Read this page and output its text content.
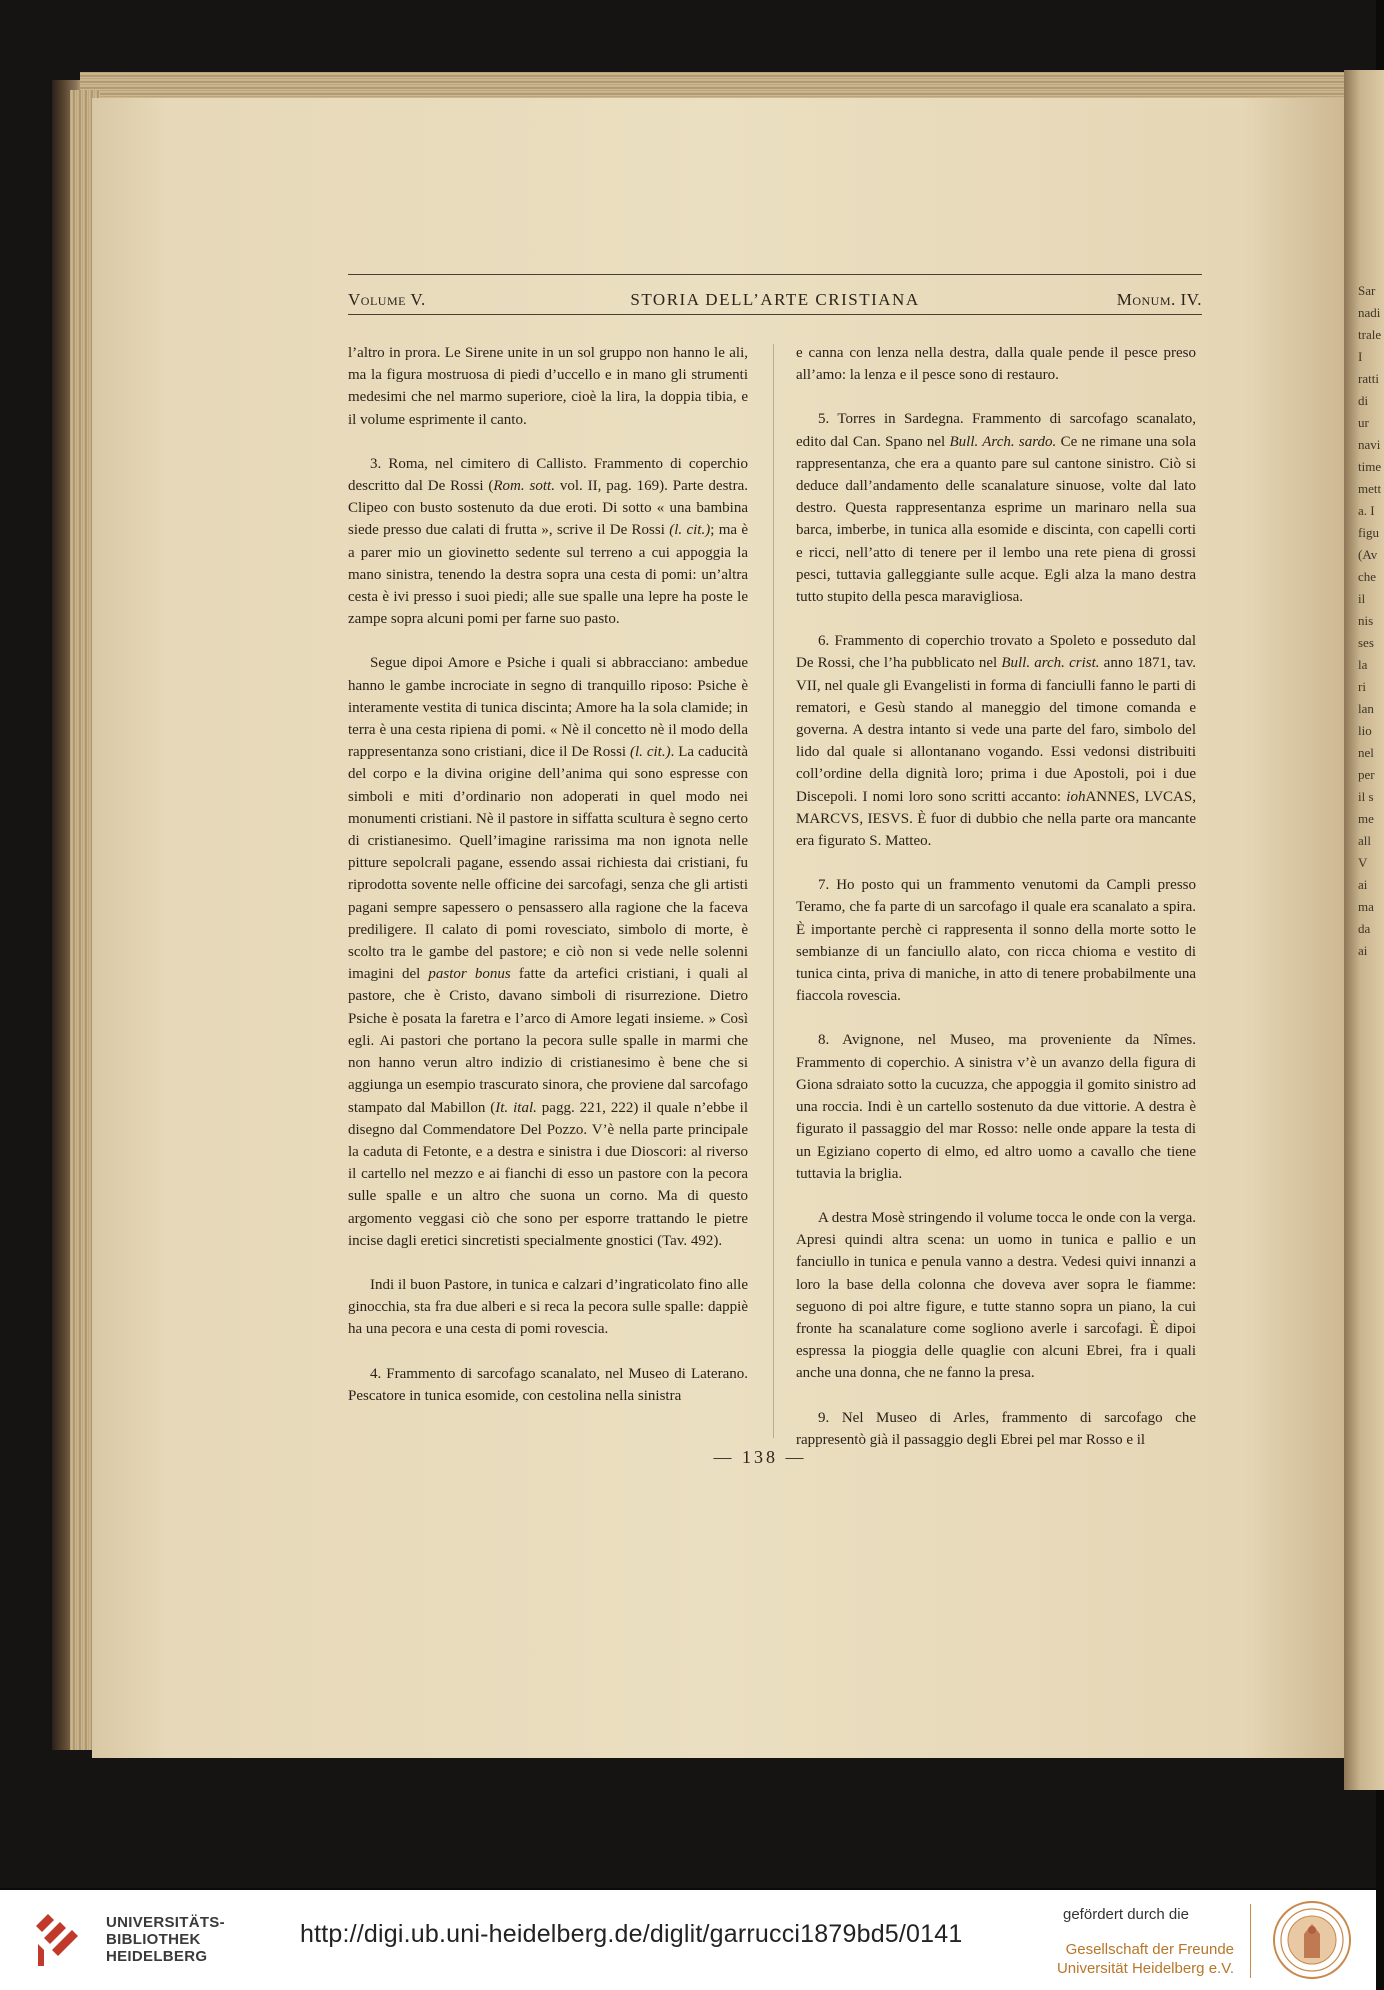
Sar
nadi
trale
I
ratti
di ur
navi
time
mett
a. I
figu
(Av
che
il
nis
ses
la
ri
lan
lio
nel
per
il s
me
all
V
ai
ma
da
ai
Volume V.	STORIA DELL’ARTE CRISTIANA	Monum. IV.

l’altro in prora. Le Sirene unite in un sol gruppo non hanno le ali, ma la figura mostruosa di piedi d’uccello e in mano gli strumenti medesimi che nel marmo superiore, cioè la lira, la doppia tibia, e il volume esprimente il canto.

3. Roma, nel cimitero di Callisto. Frammento di coperchio descritto dal De Rossi (Rom. sott. vol. II, pag. 169). Parte destra. Clipeo con busto sostenuto da due eroti. Di sotto « una bambina siede presso due calati di frutta », scrive il De Rossi (l. cit.); ma è a parer mio un giovinetto sedente sul terreno a cui appoggia la mano sinistra, tenendo la destra sopra una cesta di pomi: un’altra cesta è ivi presso i suoi piedi; alle sue spalle una lepre ha poste le zampe sopra alcuni pomi per farne suo pasto.

Segue dipoi Amore e Psiche i quali si abbracciano: ambedue hanno le gambe incrociate in segno di tranquillo riposo: Psiche è interamente vestita di tunica discinta; Amore ha la sola clamide; in terra è una cesta ripiena di pomi. « Nè il concetto nè il modo della rappresentanza sono cristiani, dice il De Rossi (l. cit.). La caducità del corpo e la divina origine dell’anima qui sono espresse con simboli e miti d’ordinario non adoperati in quel modo nei monumenti cristiani. Nè il pastore in siffatta scultura è segno certo di cristianesimo. Quell’imagine rarissima ma non ignota nelle pitture sepolcrali pagane, essendo assai richiesta dai cristiani, fu riprodotta sovente nelle officine dei sarcofagi, senza che gli artisti pagani sempre sapessero o pensassero alla ragione che la faceva prediligere. Il calato di pomi rovesciato, simbolo di morte, è scolto tra le gambe del pastore; e ciò non si vede nelle solenni imagini del pastor bonus fatte da artefici cristiani, i quali al pastore, che è Cristo, davano simboli di risurrezione. Dietro Psiche è posata la faretra e l’arco di Amore legati insieme. » Così egli. Ai pastori che portano la pecora sulle spalle in marmi che non hanno verun altro indizio di cristianesimo è bene che si aggiunga un esempio trascurato sinora, che proviene dal sarcofago stampato dal Mabillon (It. ital. pagg. 221, 222) il quale n’ebbe il disegno dal Commendatore Del Pozzo. V’è nella parte principale la caduta di Fetonte, e a destra e sinistra i due Dioscori: al riverso il cartello nel mezzo e ai fianchi di esso un pastore con la pecora sulle spalle e un altro che suona un corno. Ma di questo argomento veggasi ciò che sono per esporre trattando le pietre incise dagli eretici sincretisti specialmente gnostici (Tav. 492).

Indi il buon Pastore, in tunica e calzari d’ingraticolato fino alle ginocchia, sta fra due alberi e si reca la pecora sulle spalle: dappiè ha una pecora e una cesta di pomi rovescia.

4. Frammento di sarcofago scanalato, nel Museo di Laterano. Pescatore in tunica esomide, con cestolina nella sinistra

e canna con lenza nella destra, dalla quale pende il pesce preso all’amo: la lenza e il pesce sono di restauro.

5. Torres in Sardegna. Frammento di sarcofago scanalato, edito dal Can. Spano nel Bull. Arch. sardo. Ce ne rimane una sola rappresentanza, che era a quanto pare sul cantone sinistro. Ciò si deduce dall’andamento delle scanalature sinuose, volte dal lato destro. Questa rappresentanza esprime un marinaro nella sua barca, imberbe, in tunica alla esomide e discinta, con capelli corti e ricci, nell’atto di tenere per il lembo una rete piena di grossi pesci, tuttavia galleggiante sulle acque. Egli alza la mano destra tutto stupito della pesca maravigliosa.

6. Frammento di coperchio trovato a Spoleto e posseduto dal De Rossi, che l’ha pubblicato nel Bull. arch. crist. anno 1871, tav. VII, nel quale gli Evangelisti in forma di fanciulli fanno le parti di rematori, e Gesù stando al maneggio del timone comanda e governa. A destra intanto si vede una parte del faro, simbolo del lido dal quale si allontanano vogando. Essi vedonsi distribuiti coll’ordine della dignità loro; prima i due Apostoli, poi i due Discepoli. I nomi loro sono scritti accanto: iohANNES, LVCAS, MARCVS, IESVS. È fuor di dubbio che nella parte ora mancante era figurato S. Matteo.

7. Ho posto qui un frammento venutomi da Campli presso Teramo, che fa parte di un sarcofago il quale era scanalato a spira. È importante perchè ci rappresenta il sonno della morte sotto le sembianze di un fanciullo alato, con ricca chioma e vestito di tunica cinta, priva di maniche, in atto di tenere probabilmente una fiaccola rovescia.

8. Avignone, nel Museo, ma proveniente da Nîmes. Frammento di coperchio. A sinistra v’è un avanzo della figura di Giona sdraiato sotto la cucuzza, che appoggia il gomito sinistro ad una roccia. Indi è un cartello sostenuto da due vittorie. A destra è figurato il passaggio del mar Rosso: nelle onde appare la testa di un Egiziano coperto di elmo, ed altro uomo a cavallo che tiene tuttavia la briglia.

A destra Mosè stringendo il volume tocca le onde con la verga. Apresi quindi altra scena: un uomo in tunica e pallio e un fanciullo in tunica e penula vanno a destra. Vedesi quivi innanzi a loro la base della colonna che doveva aver sopra le fiamme: seguono di poi altre figure, e tutte stanno sopra un piano, la cui fronte ha scanalature come sogliono averle i sarcofagi. È dipoi espressa la pioggia delle quaglie con alcuni Ebrei, fra i quali anche una donna, che ne fanno la presa.

9. Nel Museo di Arles, frammento di sarcofago che rappresentò già il passaggio degli Ebrei pel mar Rosso e il

— 138 —
UNIVERSITÄTS-
BIBLIOTHEK
HEIDELBERG
http://digi.ub.uni-heidelberg.de/diglit/garrucci1879bd5/0141
gefördert durch die
Gesellschaft der Freunde
Universität Heidelberg e.V.
